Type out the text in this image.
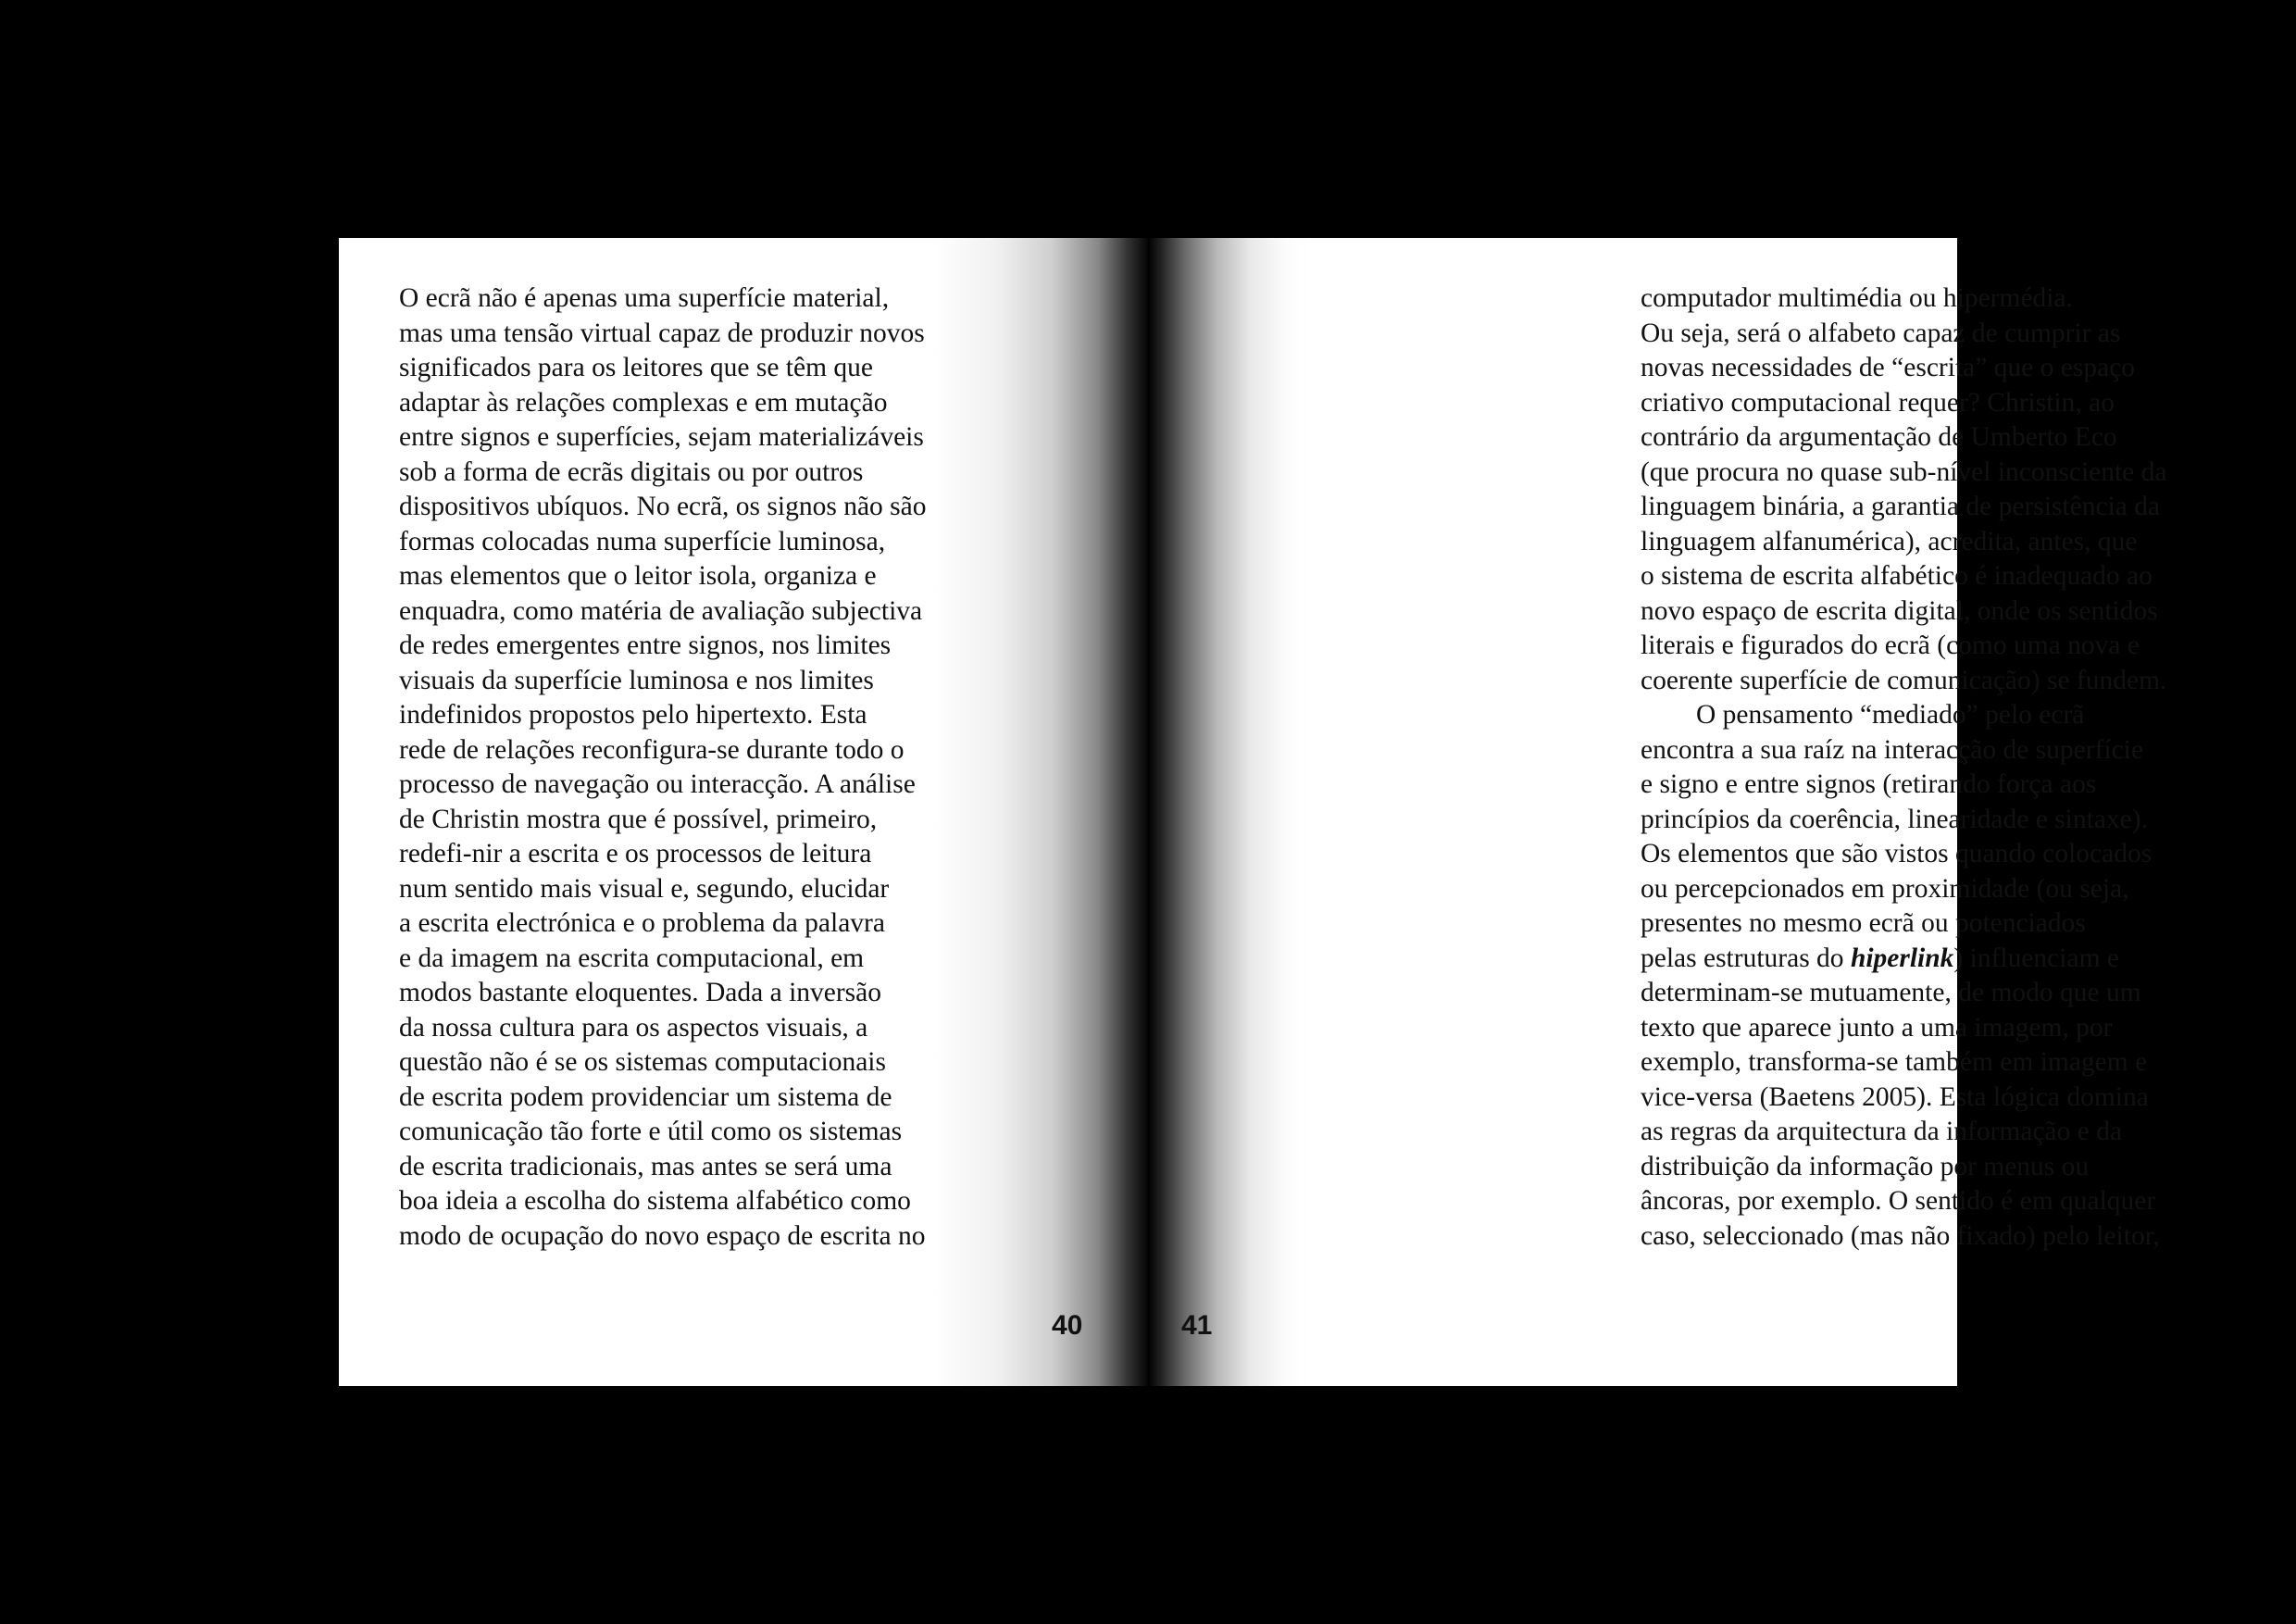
O ecrã não é apenas uma superfície material,
mas uma tensão virtual capaz de produzir novos
significados para os leitores que se têm que
adaptar às relações complexas e em mutação
entre signos e superfícies, sejam materializáveis
sob a forma de ecrãs digitais ou por outros
dispositivos ubíquos. No ecrã, os signos não são
formas colocadas numa superfície luminosa,
mas elementos que o leitor isola, organiza e
enquadra, como matéria de avaliação subjectiva
de redes emergentes entre signos, nos limites
visuais da superfície luminosa e nos limites
indefinidos propostos pelo hipertexto. Esta
rede de relações reconfigura-se durante todo o
processo de navegação ou interacção. A análise
de Christin mostra que é possível, primeiro,
redefi-nir a escrita e os processos de leitura
num sentido mais visual e, segundo, elucidar
a escrita electrónica e o problema da palavra
e da imagem na escrita computacional, em
modos bastante eloquentes. Dada a inversão
da nossa cultura para os aspectos visuais, a
questão não é se os sistemas computacionais
de escrita podem providenciar um sistema de
comunicação tão forte e útil como os sistemas
de escrita tradicionais, mas antes se será uma
boa ideia a escolha do sistema alfabético como
modo de ocupação do novo espaço de escrita no
40
computador multimédia ou hipermédia.
Ou seja, será o alfabeto capaz de cumprir as
novas necessidades de “escrita” que o espaço
criativo computacional requer? Christin, ao
contrário da argumentação de Umberto Eco
(que procura no quase sub-nível inconsciente da
linguagem binária, a garantia de persistência da
linguagem alfanumérica), acredita, antes, que
o sistema de escrita alfabético é inadequado ao
novo espaço de escrita digital, onde os sentidos
literais e figurados do ecrã (como uma nova e
coerente superfície de comunicação) se fundem.
O pensamento “mediado” pelo ecrã
encontra a sua raíz na interacção de superfície
e signo e entre signos (retirando força aos
princípios da coerência, linearidade e sintaxe).
Os elementos que são vistos quando colocados
ou percepcionados em proximidade (ou seja,
presentes no mesmo ecrã ou potenciados
pelas estruturas do hiperlink) influenciam e
determinam-se mutuamente, de modo que um
texto que aparece junto a uma imagem, por
exemplo, transforma-se também em imagem e
vice-versa (Baetens 2005). Esta lógica domina
as regras da arquitectura da informação e da
distribuição da informação por menus ou
âncoras, por exemplo. O sentido é em qualquer
caso, seleccionado (mas não fixado) pelo leitor,
41
